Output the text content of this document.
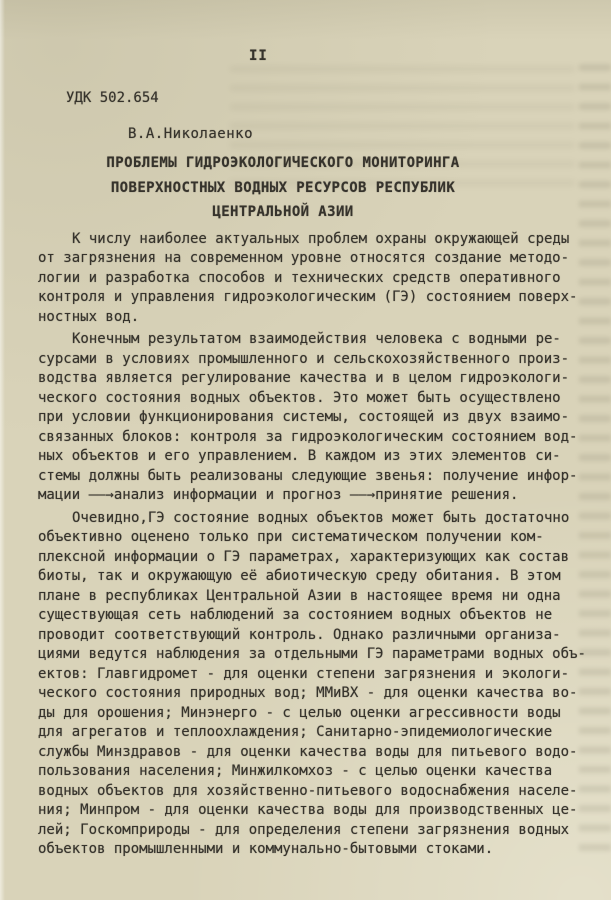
II
УДК 502.654
В.А.Николаенко
ПРОБЛЕМЫ ГИДРОЭКОЛОГИЧЕСКОГО МОНИТОРИНГА
ПОВЕРХНОСТНЫХ ВОДНЫХ РЕСУРСОВ РЕСПУБЛИК
ЦЕНТРАЛЬНОЙ АЗИИ
К числу наиболее актуальных проблем охраны окружающей среды
от загрязнения на современном уровне относятся создание методо-
логии и разработка способов и технических средств оперативного
контроля и управления гидроэкологическим (ГЭ) состоянием поверх-
ностных вод.
Конечным результатом взаимодействия человека с водными ре-
сурсами в условиях промышленного и сельскохозяйственного произ-
водства является регулирование качества и в целом гидроэкологи-
ческого состояния водных объектов. Это может быть осуществлено
при условии функционирования системы, состоящей из двух взаимо-
связанных блоков: контроля за гидроэкологическим состоянием вод-
ных объектов и его управлением. В каждом из этих элементов си-
стемы должны быть реализованы следующие звенья: получение инфор-
мации ——→анализ информации и прогноз ——→принятие решения.
Очевидно,ГЭ состояние водных объектов может быть достаточно
объективно оценено только при систематическом получении ком-
плексной информации о ГЭ параметрах, характеризующих как состав
биоты, так и окружающую её абиотическую среду обитания. В этом
плане в республиках Центральной Азии в настоящее время ни одна
существующая сеть наблюдений за состоянием водных объектов не
проводит соответствующий контроль. Однако различными организа-
циями ведутся наблюдения за отдельными ГЭ параметрами водных объ-
ектов: Главгидромет - для оценки степени загрязнения и экологи-
ческого состояния природных вод; ММиВХ - для оценки качества во-
ды для орошения; Минэнерго - с целью оценки агрессивности воды
для агрегатов и теплоохлаждения; Санитарно-эпидемиологические
службы Минздравов - для оценки качества воды для питьевого водо-
пользования населения; Минжилкомхоз - с целью оценки качества
водных объектов для хозяйственно-питьевого водоснабжения населе-
ния; Минпром - для оценки качества воды для производственных це-
лей; Госкомприроды - для определения степени загрязнения водных
объектов промышленными и коммунально-бытовыми стоками.
